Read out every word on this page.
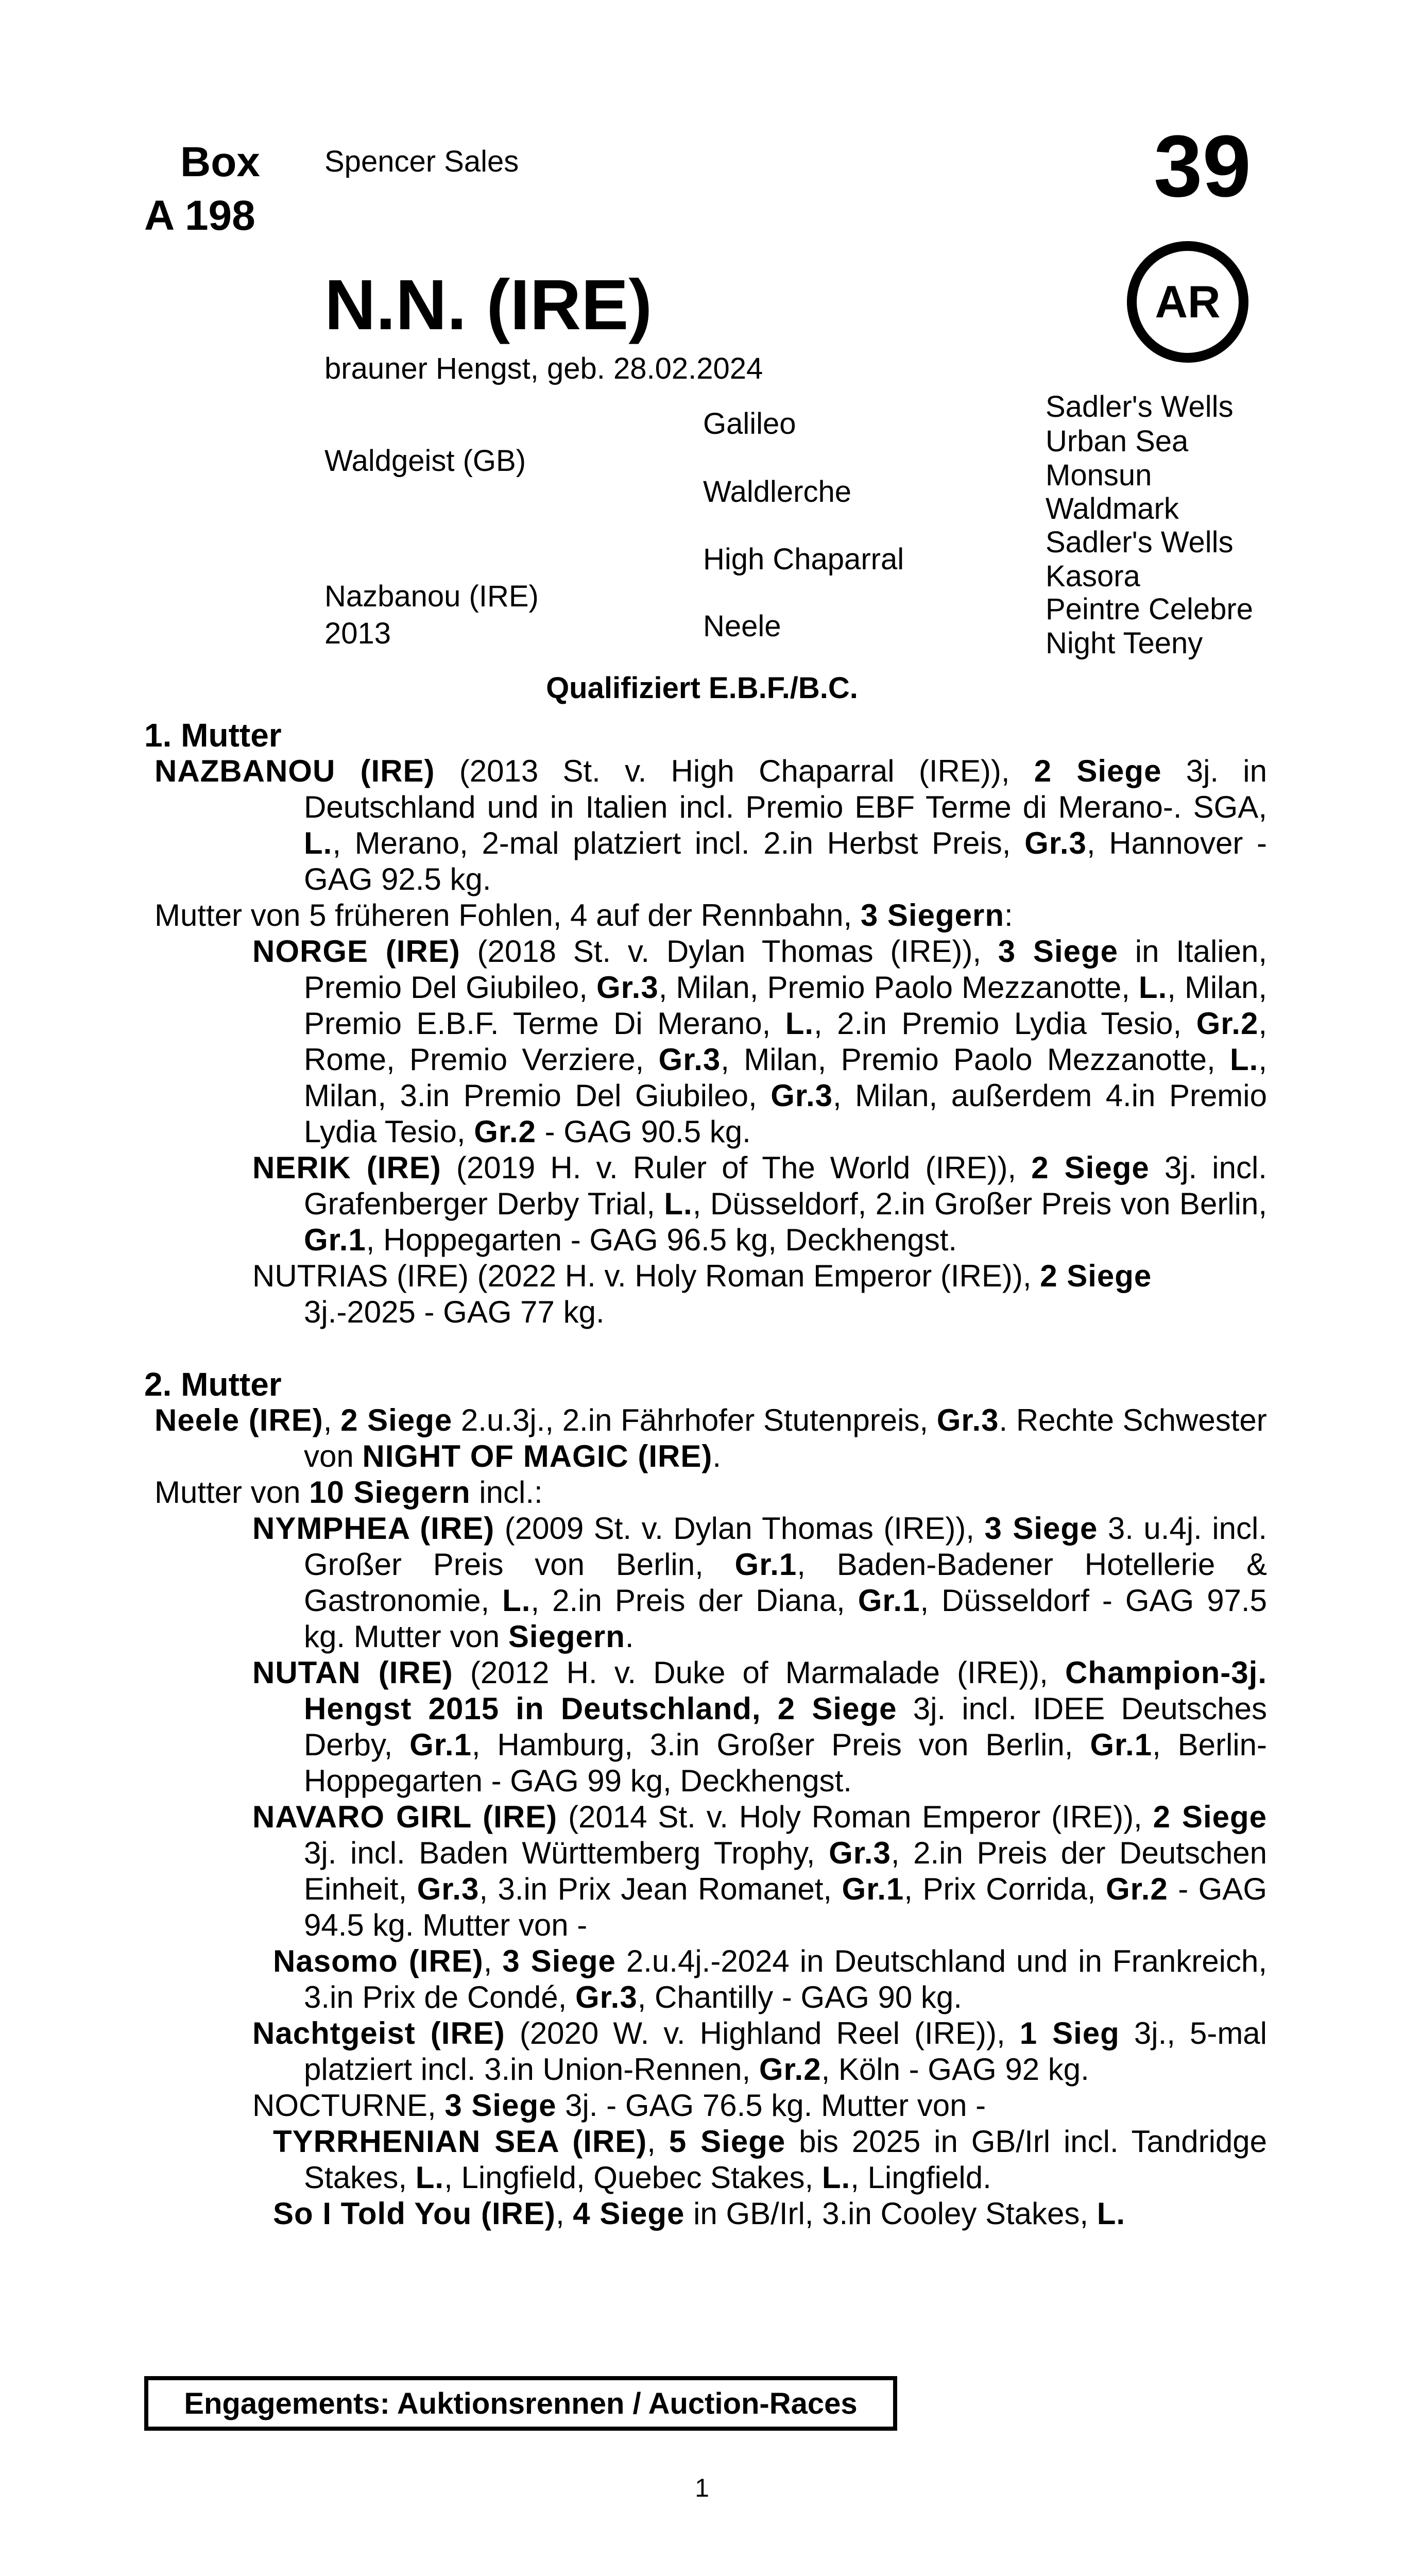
Box
A 198
Spencer Sales	39
N.N. (IRE)	AR
brauner Hengst, geb. 28.02.2024
Waldgeist (GB)
Nazbanou (IRE)
2013
Galileo
Waldlerche
High Chaparral
Neele
Sadler's Wells
Urban Sea
Monsun
Waldmark
Sadler's Wells
Kasora
Peintre Celebre
Night Teeny
Qualifiziert E.B.F./B.C.
1. Mutter
NAZBANOU (IRE) (2013 St. v. High Chaparral (IRE)), 2 Siege 3j. in Deutschland und in Italien incl. Premio EBF Terme di Merano-. SGA, L., Merano, 2-mal platziert incl. 2.in Herbst Preis, Gr.3, Hannover - GAG 92.5 kg.
Mutter von 5 früheren Fohlen, 4 auf der Rennbahn, 3 Siegern:
NORGE (IRE) (2018 St. v. Dylan Thomas (IRE)), 3 Siege in Italien, Premio Del Giubileo, Gr.3, Milan, Premio Paolo Mezzanotte, L., Milan, Premio E.B.F. Terme Di Merano, L., 2.in Premio Lydia Tesio, Gr.2, Rome, Premio Verziere, Gr.3, Milan, Premio Paolo Mezzanotte, L., Milan, 3.in Premio Del Giubileo, Gr.3, Milan, außerdem 4.in Premio Lydia Tesio, Gr.2 - GAG 90.5 kg.
NERIK (IRE) (2019 H. v. Ruler of The World (IRE)), 2 Siege 3j. incl. Grafenberger Derby Trial, L., Düsseldorf, 2.in Großer Preis von Berlin, Gr.1, Hoppegarten - GAG 96.5 kg, Deckhengst.
NUTRIAS (IRE) (2022 H. v. Holy Roman Emperor (IRE)), 2 Siege 3j.-2025 - GAG 77 kg.
2. Mutter
Neele (IRE), 2 Siege 2.u.3j., 2.in Fährhofer Stutenpreis, Gr.3. Rechte Schwester von NIGHT OF MAGIC (IRE).
Mutter von 10 Siegern incl.:
NYMPHEA (IRE) (2009 St. v. Dylan Thomas (IRE)), 3 Siege 3. u.4j. incl. Großer Preis von Berlin, Gr.1, Baden-Badener Hotellerie & Gastronomie, L., 2.in Preis der Diana, Gr.1, Düsseldorf - GAG 97.5 kg. Mutter von Siegern.
NUTAN (IRE) (2012 H. v. Duke of Marmalade (IRE)), Champion-3j. Hengst 2015 in Deutschland, 2 Siege 3j. incl. IDEE Deutsches Derby, Gr.1, Hamburg, 3.in Großer Preis von Berlin, Gr.1, Berlin-Hoppegarten - GAG 99 kg, Deckhengst.
NAVARO GIRL (IRE) (2014 St. v. Holy Roman Emperor (IRE)), 2 Siege 3j. incl. Baden Württemberg Trophy, Gr.3, 2.in Preis der Deutschen Einheit, Gr.3, 3.in Prix Jean Romanet, Gr.1, Prix Corrida, Gr.2 - GAG 94.5 kg. Mutter von -
Nasomo (IRE), 3 Siege 2.u.4j.-2024 in Deutschland und in Frankreich, 3.in Prix de Condé, Gr.3, Chantilly - GAG 90 kg.
Nachtgeist (IRE) (2020 W. v. Highland Reel (IRE)), 1 Sieg 3j., 5-mal platziert incl. 3.in Union-Rennen, Gr.2, Köln - GAG 92 kg.
NOCTURNE, 3 Siege 3j. - GAG 76.5 kg. Mutter von -
TYRRHENIAN SEA (IRE), 5 Siege bis 2025 in GB/Irl incl. Tandridge Stakes, L., Lingfield, Quebec Stakes, L., Lingfield.
So I Told You (IRE), 4 Siege in GB/Irl, 3.in Cooley Stakes, L.
Engagements: Auktionsrennen / Auction-Races
1
